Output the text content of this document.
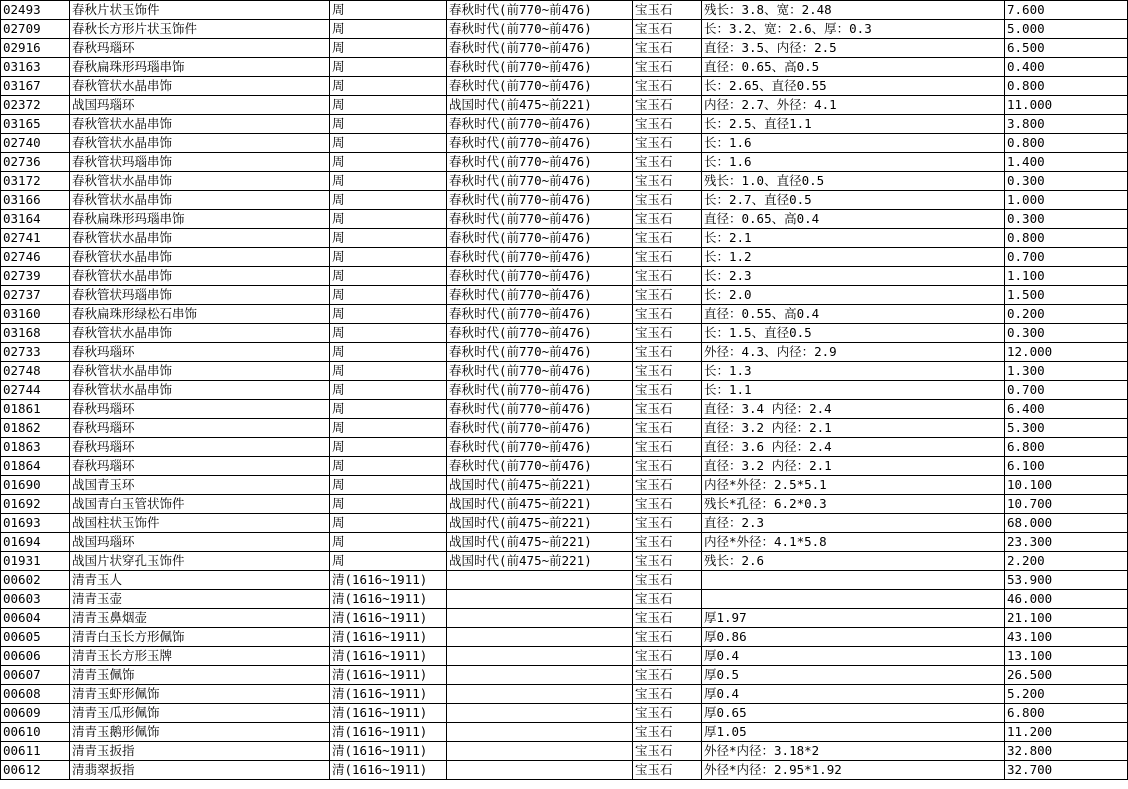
02493	春秋片状玉饰件	周	春秋时代(前770~前476)	宝玉石	残长：3.8、宽：2.48	7.600
02709	春秋长方形片状玉饰件	周	春秋时代(前770~前476)	宝玉石	长：3.2、宽：2.6、厚：0.3	5.000
02916	春秋玛瑙环	周	春秋时代(前770~前476)	宝玉石	直径：3.5、内径：2.5	6.500
03163	春秋扁珠形玛瑙串饰	周	春秋时代(前770~前476)	宝玉石	直径：0.65、高0.5	0.400
03167	春秋管状水晶串饰	周	春秋时代(前770~前476)	宝玉石	长：2.65、直径0.55	0.800
02372	战国玛瑙环	周	战国时代(前475~前221)	宝玉石	内径：2.7、外径：4.1	11.000
03165	春秋管状水晶串饰	周	春秋时代(前770~前476)	宝玉石	长：2.5、直径1.1	3.800
02740	春秋管状水晶串饰	周	春秋时代(前770~前476)	宝玉石	长：1.6	0.800
02736	春秋管状玛瑙串饰	周	春秋时代(前770~前476)	宝玉石	长：1.6	1.400
03172	春秋管状水晶串饰	周	春秋时代(前770~前476)	宝玉石	残长：1.0、直径0.5	0.300
03166	春秋管状水晶串饰	周	春秋时代(前770~前476)	宝玉石	长：2.7、直径0.5	1.000
03164	春秋扁珠形玛瑙串饰	周	春秋时代(前770~前476)	宝玉石	直径：0.65、高0.4	0.300
02741	春秋管状水晶串饰	周	春秋时代(前770~前476)	宝玉石	长：2.1	0.800
02746	春秋管状水晶串饰	周	春秋时代(前770~前476)	宝玉石	长：1.2	0.700
02739	春秋管状水晶串饰	周	春秋时代(前770~前476)	宝玉石	长：2.3	1.100
02737	春秋管状玛瑙串饰	周	春秋时代(前770~前476)	宝玉石	长：2.0	1.500
03160	春秋扁珠形绿松石串饰	周	春秋时代(前770~前476)	宝玉石	直径：0.55、高0.4	0.200
03168	春秋管状水晶串饰	周	春秋时代(前770~前476)	宝玉石	长：1.5、直径0.5	0.300
02733	春秋玛瑙环	周	春秋时代(前770~前476)	宝玉石	外径：4.3、内径：2.9	12.000
02748	春秋管状水晶串饰	周	春秋时代(前770~前476)	宝玉石	长：1.3	1.300
02744	春秋管状水晶串饰	周	春秋时代(前770~前476)	宝玉石	长：1.1	0.700
01861	春秋玛瑙环	周	春秋时代(前770~前476)	宝玉石	直径：3.4 内径：2.4	6.400
01862	春秋玛瑙环	周	春秋时代(前770~前476)	宝玉石	直径：3.2 内径：2.1	5.300
01863	春秋玛瑙环	周	春秋时代(前770~前476)	宝玉石	直径：3.6 内径：2.4	6.800
01864	春秋玛瑙环	周	春秋时代(前770~前476)	宝玉石	直径：3.2 内径：2.1	6.100
01690	战国青玉环	周	战国时代(前475~前221)	宝玉石	内径*外径：2.5*5.1	10.100
01692	战国青白玉管状饰件	周	战国时代(前475~前221)	宝玉石	残长*孔径：6.2*0.3	10.700
01693	战国柱状玉饰件	周	战国时代(前475~前221)	宝玉石	直径：2.3	68.000
01694	战国玛瑙环	周	战国时代(前475~前221)	宝玉石	内径*外径：4.1*5.8	23.300
01931	战国片状穿孔玉饰件	周	战国时代(前475~前221)	宝玉石	残长：2.6	2.200
00602	清青玉人	清(1616~1911)		宝玉石		53.900
00603	清青玉壶	清(1616~1911)		宝玉石		46.000
00604	清青玉鼻烟壶	清(1616~1911)		宝玉石	厚1.97	21.100
00605	清青白玉长方形佩饰	清(1616~1911)		宝玉石	厚0.86	43.100
00606	清青玉长方形玉牌	清(1616~1911)		宝玉石	厚0.4	13.100
00607	清青玉佩饰	清(1616~1911)		宝玉石	厚0.5	26.500
00608	清青玉虾形佩饰	清(1616~1911)		宝玉石	厚0.4	5.200
00609	清青玉瓜形佩饰	清(1616~1911)		宝玉石	厚0.65	6.800
00610	清青玉鹅形佩饰	清(1616~1911)		宝玉石	厚1.05	11.200
00611	清青玉扳指	清(1616~1911)		宝玉石	外径*内径：3.18*2	32.800
00612	清翡翠扳指	清(1616~1911)		宝玉石	外径*内径：2.95*1.92	32.700
